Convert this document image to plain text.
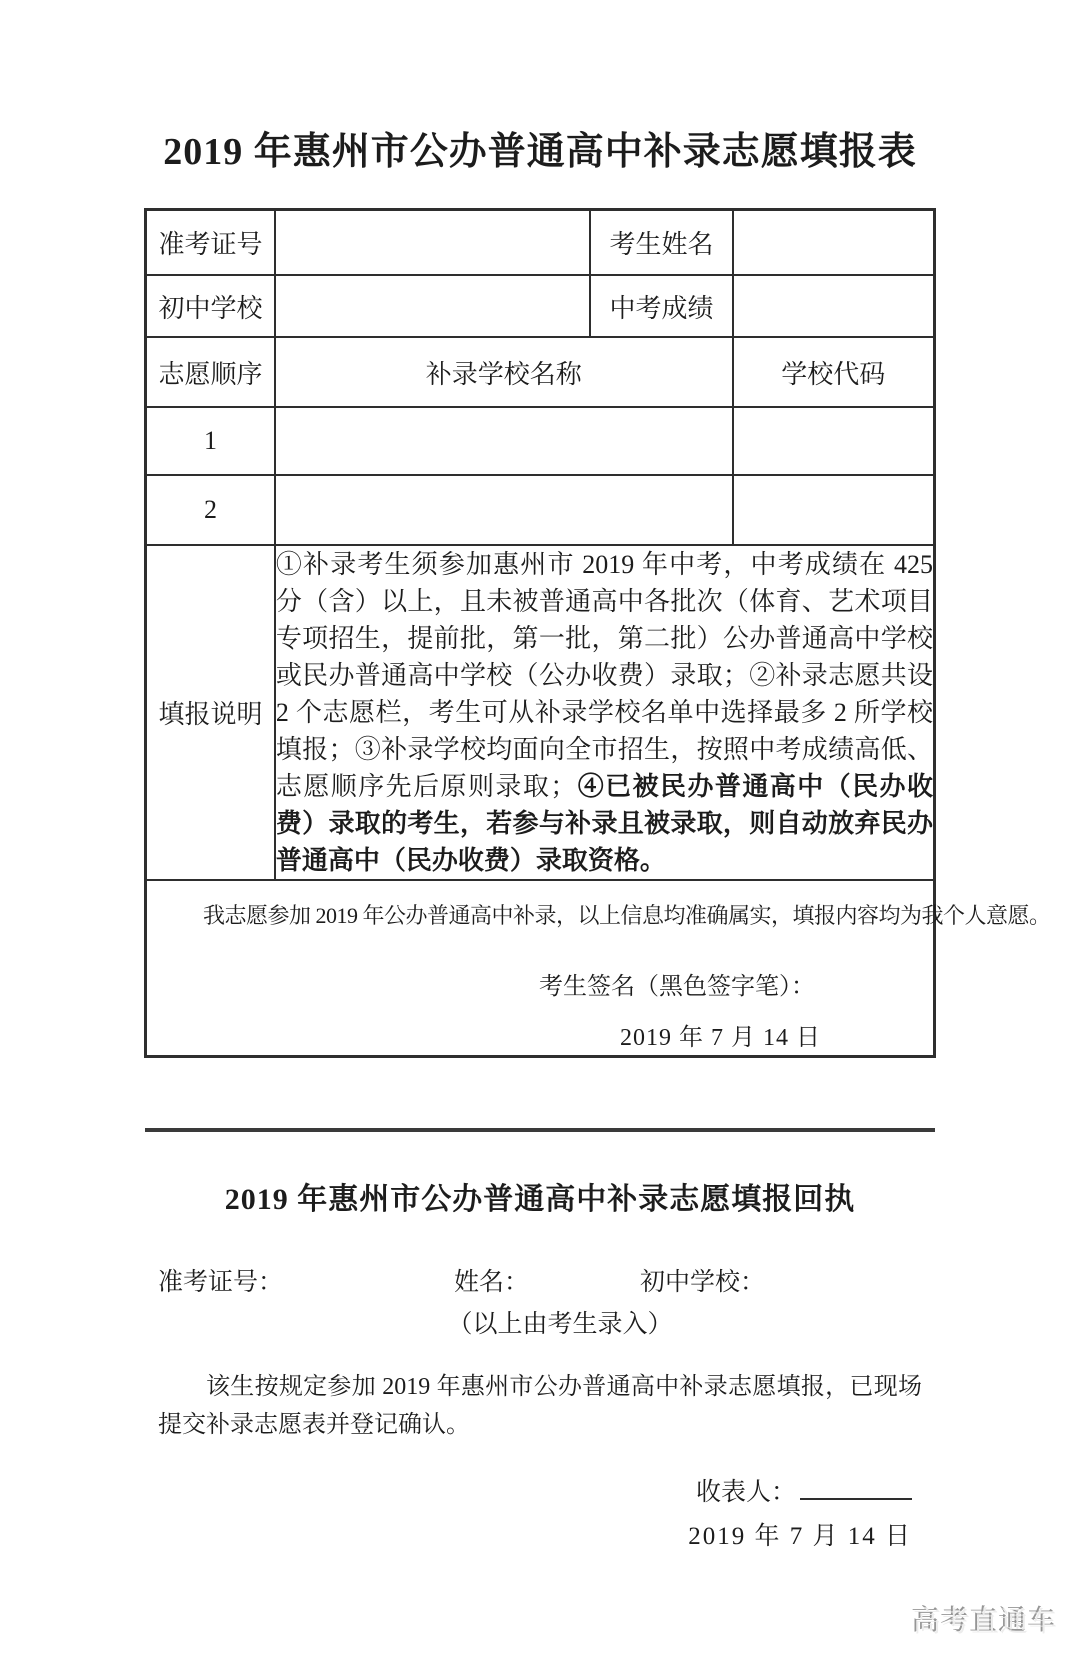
2019 年惠州市公办普通高中补录志愿填报表
准考证号		考生姓名	
初中学校		中考成绩	
志愿顺序	补录学校名称		学校代码
1			
2			
填报说明	①补录考生须参加惠州市 2019 年中考，中考成绩在 425 分（含）以上，且未被普通高中各批次（体育、艺术项目专项招生，提前批，第一批，第二批）公办普通高中学校或民办普通高中学校（公办收费）录取；②补录志愿共设 2 个志愿栏，考生可从补录学校名单中选择最多 2 所学校填报；③补录学校均面向全市招生，按照中考成绩高低、志愿顺序先后原则录取；④已被民办普通高中（民办收费）录取的考生，若参与补录且被录取，则自动放弃民办普通高中（民办收费）录取资格。		

我志愿参加 2019 年公办普通高中补录，以上信息均准确属实，填报内容均为我个人意愿。
考生签名（黑色签字笔）：
2019 年 7 月 14 日			
2019 年惠州市公办普通高中补录志愿填报回执
准考证号：	姓名：	初中学校：
（以上由考生录入）

该生按规定参加 2019 年惠州市公办普通高中补录志愿填报，已现场提交补录志愿表并登记确认。

收表人：
2019 年 7 月 14 日
高考直通车
